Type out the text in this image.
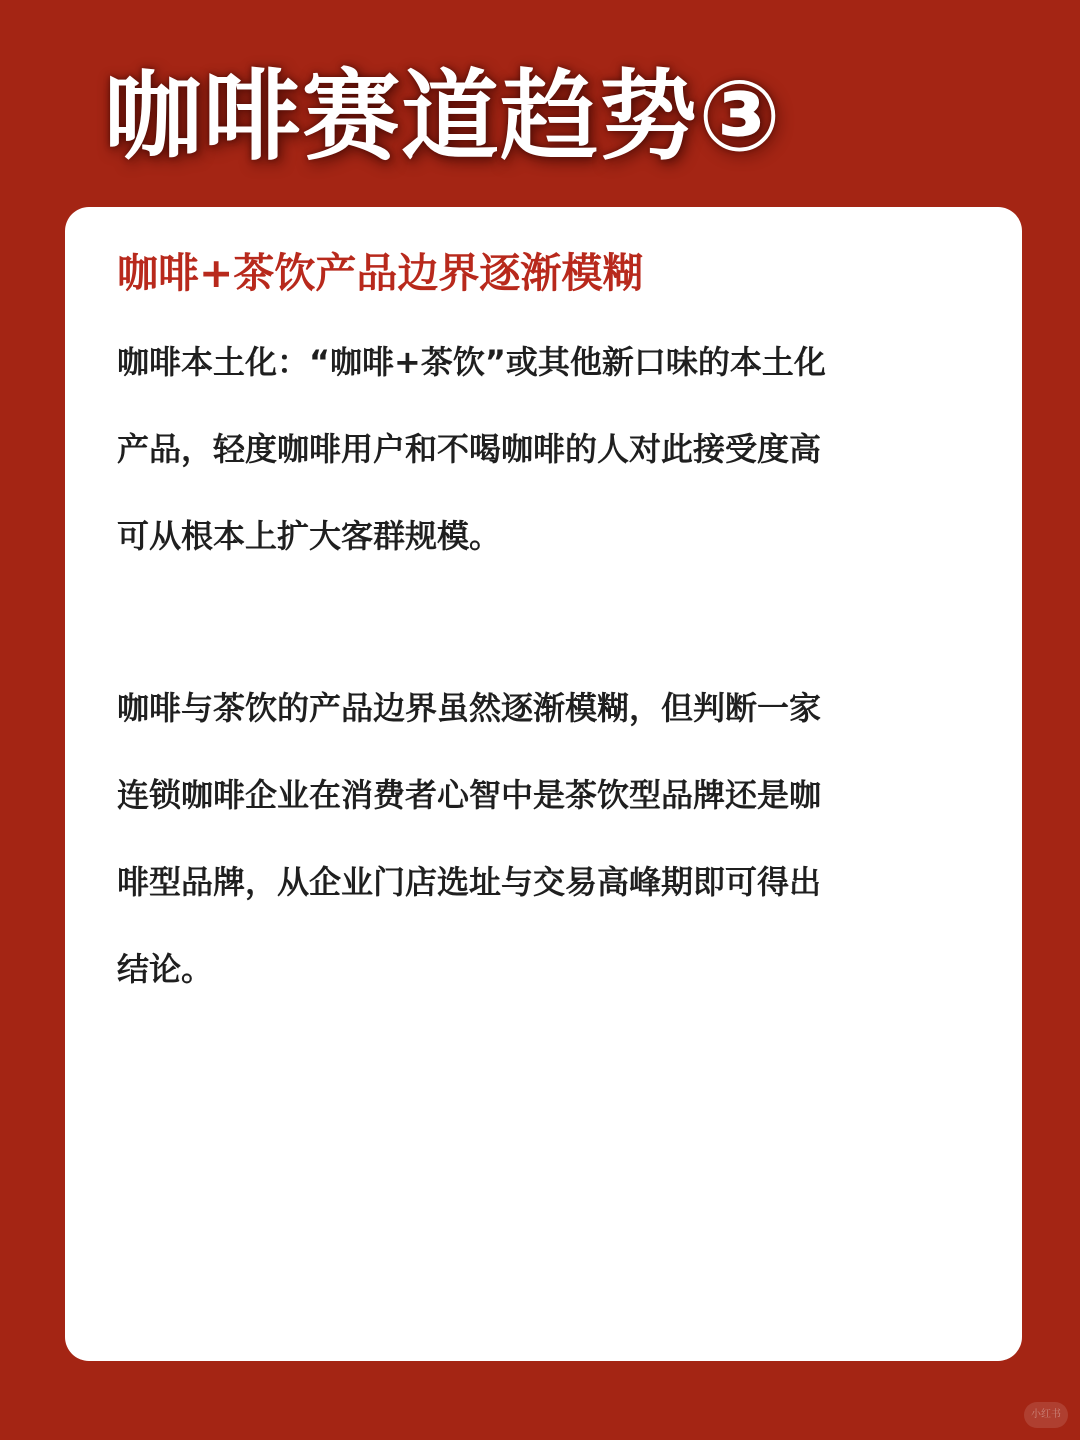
咖啡赛道趋势③
咖啡+茶饮产品边界逐渐模糊
咖啡本土化：“咖啡+茶饮”或其他新口味的本土化
产品，轻度咖啡用户和不喝咖啡的人对此接受度高
可从根本上扩大客群规模。
咖啡与茶饮的产品边界虽然逐渐模糊，但判断一家
连锁咖啡企业在消费者心智中是茶饮型品牌还是咖
啡型品牌，从企业门店选址与交易高峰期即可得出
结论。
小红书
